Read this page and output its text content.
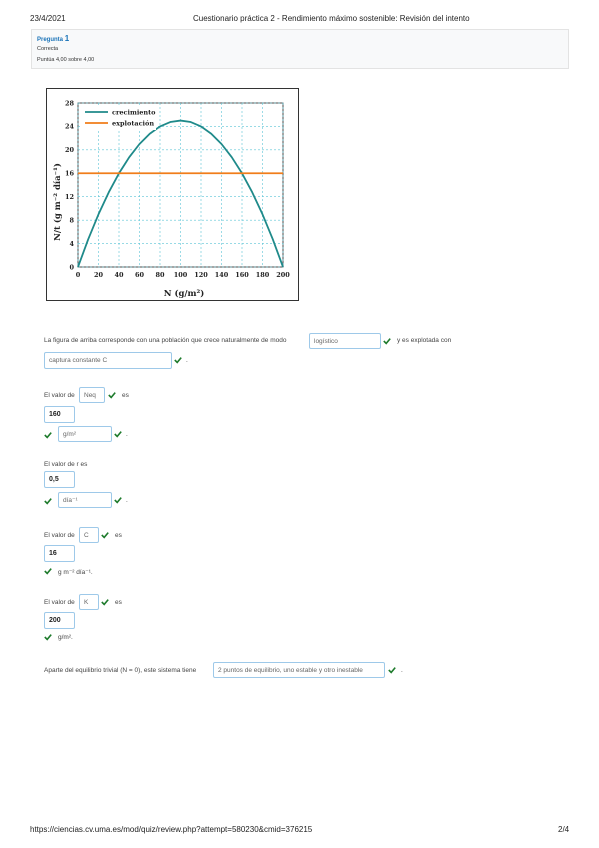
23/4/2021	Cuestionario práctica 2 - Rendimiento máximo sostenible: Revisión del intento
Pregunta 1
Correcta
Puntúa 4,00 sobre 4,00
0 20 40 60 80 100 120 140 160 180 200
0
4
8
12
16
20
24
28
crecimiento
explotación
N (g/m²)
N/t (g m⁻² día⁻¹)
La figura de arriba corresponde con una población que crece naturalmente de modo	logístico	y es explotada con
captura constante C	.
El valor de	Neq	es
160
g/m²	.
El valor de r es
0,5
día⁻¹	.
El valor de	C	es
16
g m⁻² día⁻¹.
El valor de	K	es
200
g/m².
Aparte del equilibrio trivial (N = 0), este sistema tiene	2 puntos de equilibrio, uno estable y otro inestable	.
https://ciencias.cv.uma.es/mod/quiz/review.php?attempt=580230&cmid=376215	2/4
